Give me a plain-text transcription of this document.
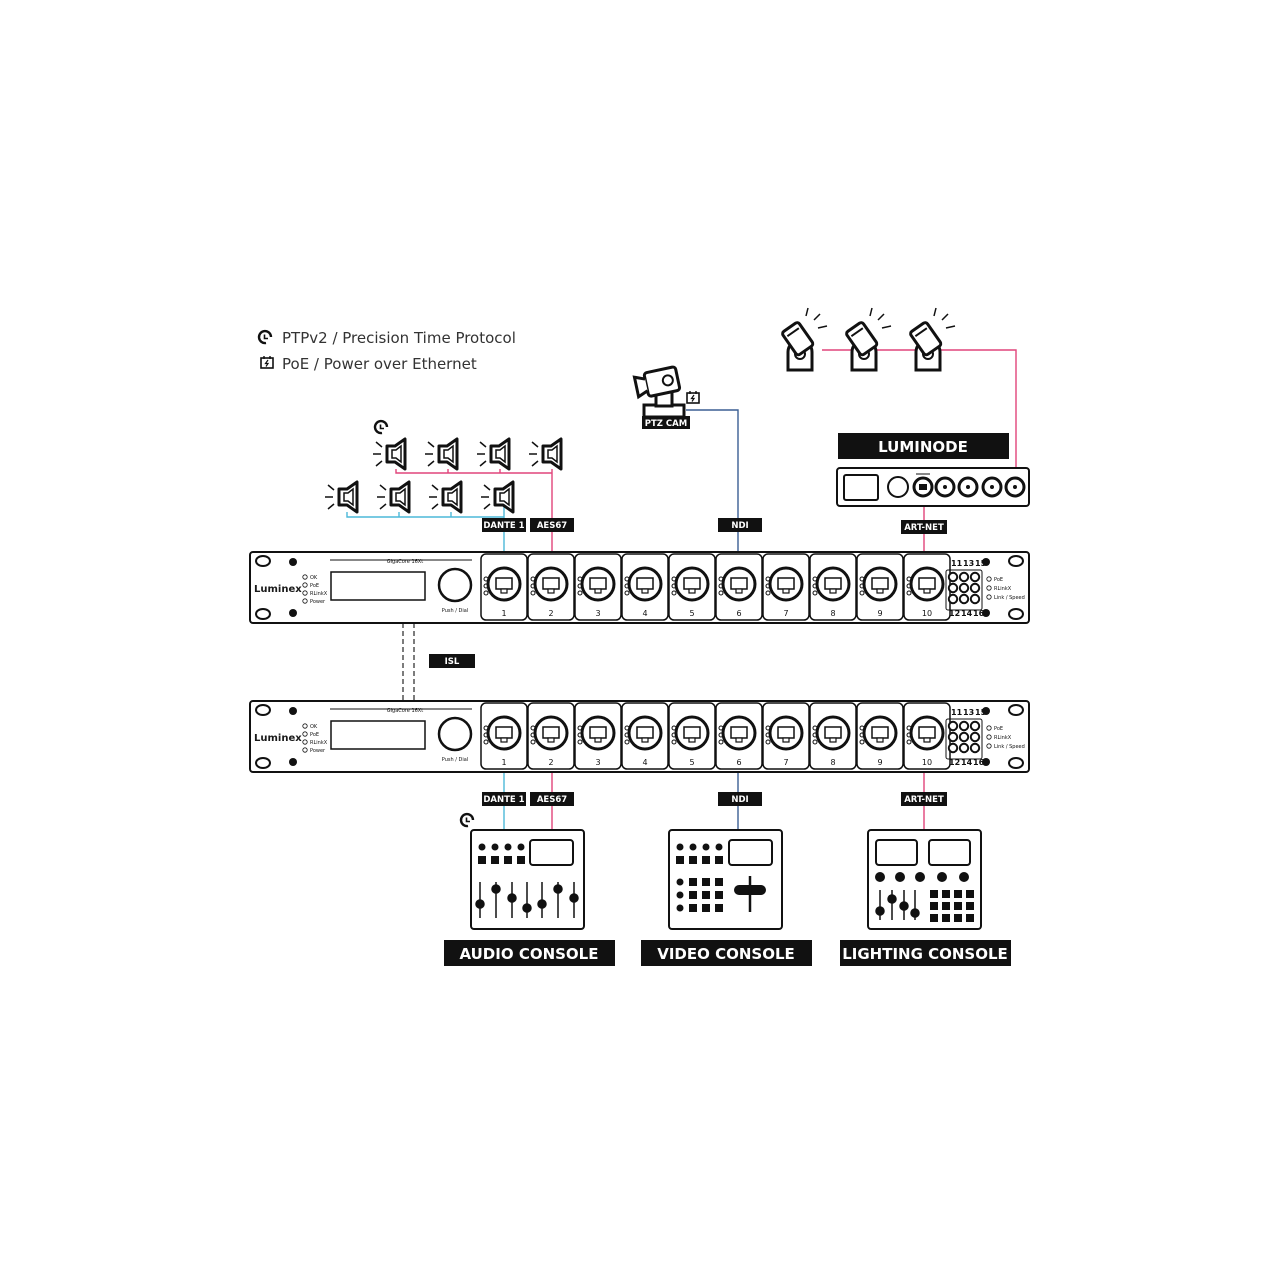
PTPv2 / Precision Time Protocol
PoE / Power over Ethernet
PTZ CAM
LUMINODE
DANTE 1 AES67	NDI	ART-NET
Luminex
OK
PoE
RLinkX
Power
GigaCore 16Xt
Push / Dial	1	2	3	4	5	6	7	8	9	10
11 13 15
12 14 16
PoE
RLinkX
Link / Speed
Luminex
OK
PoE
RLinkX
Power
GigaCore 16Xt
Push / Dial	1	2	3	4	5	6	7	8	9	10
11 13 15
12 14 16
PoE
RLinkX
Link / Speed
ISL
DANTE 1 AES67	NDI	ART-NET
AUDIO CONSOLE	VIDEO CONSOLE	LIGHTING CONSOLE
